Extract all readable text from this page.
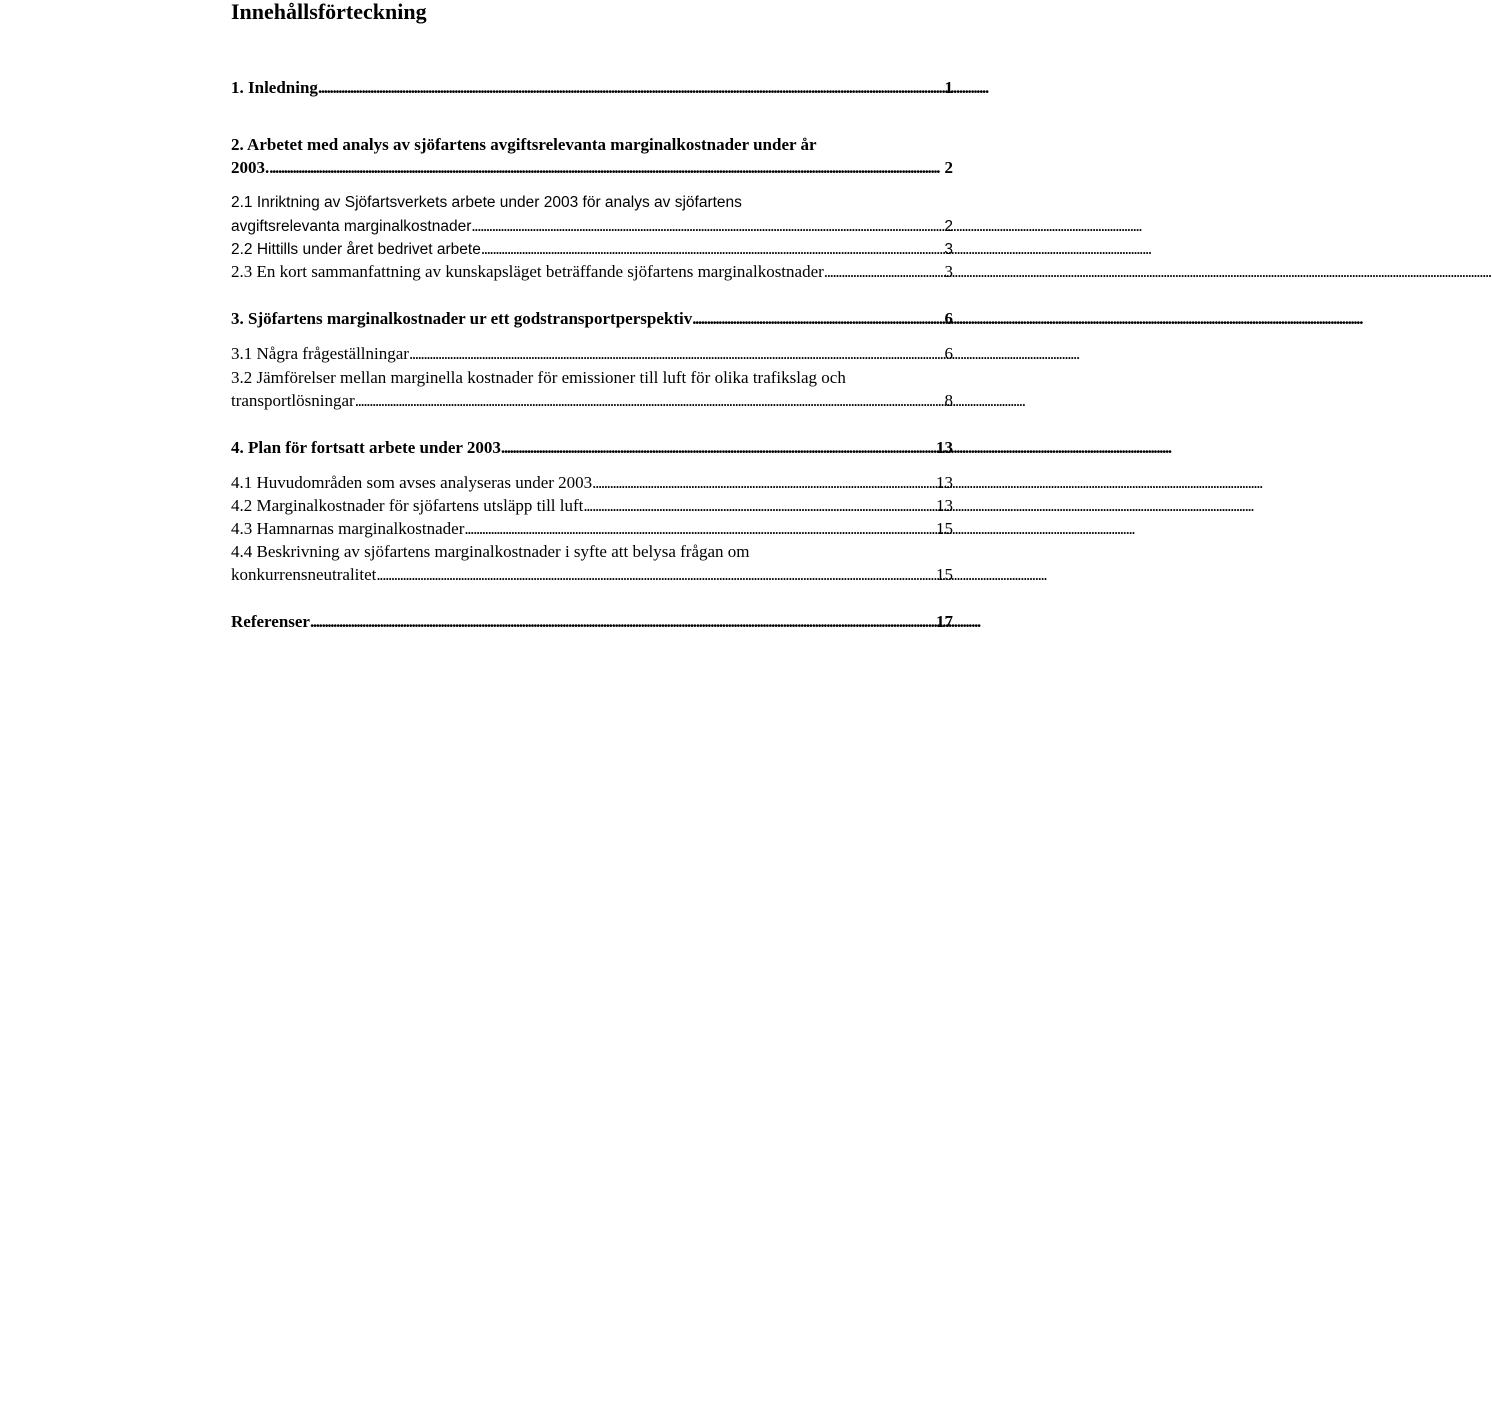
Innehållsförteckning
1. Inledning . . .	1
2. Arbetet med analys av sjöfartens avgiftsrelevanta marginalkostnader under år
2003. . . .	2
2.1 Inriktning av Sjöfartsverkets arbete under 2003 för analys av sjöfartens
avgiftsrelevanta marginalkostnader . . .	2
2.2 Hittills under året bedrivet arbete . . .	3
2.3 En kort sammanfattning av kunskapsläget beträffande sjöfartens marginalkostnader . . .	3
3. Sjöfartens marginalkostnader ur ett godstransportperspektiv . . .	6
3.1 Några frågeställningar . . .	6
3.2 Jämförelser mellan marginella kostnader för emissioner till luft för olika trafikslag och
transportlösningar . . .	8
4. Plan för fortsatt arbete under 2003 . . .	13
4.1 Huvudområden som avses analyseras under 2003 . . .	13
4.2 Marginalkostnader för sjöfartens utsläpp till luft . . .	13
4.3 Hamnarnas marginalkostnader . . .	15
4.4 Beskrivning av sjöfartens marginalkostnader i syfte att belysa frågan om
konkurrensneutralitet . . .	15
Referenser . . .	17
